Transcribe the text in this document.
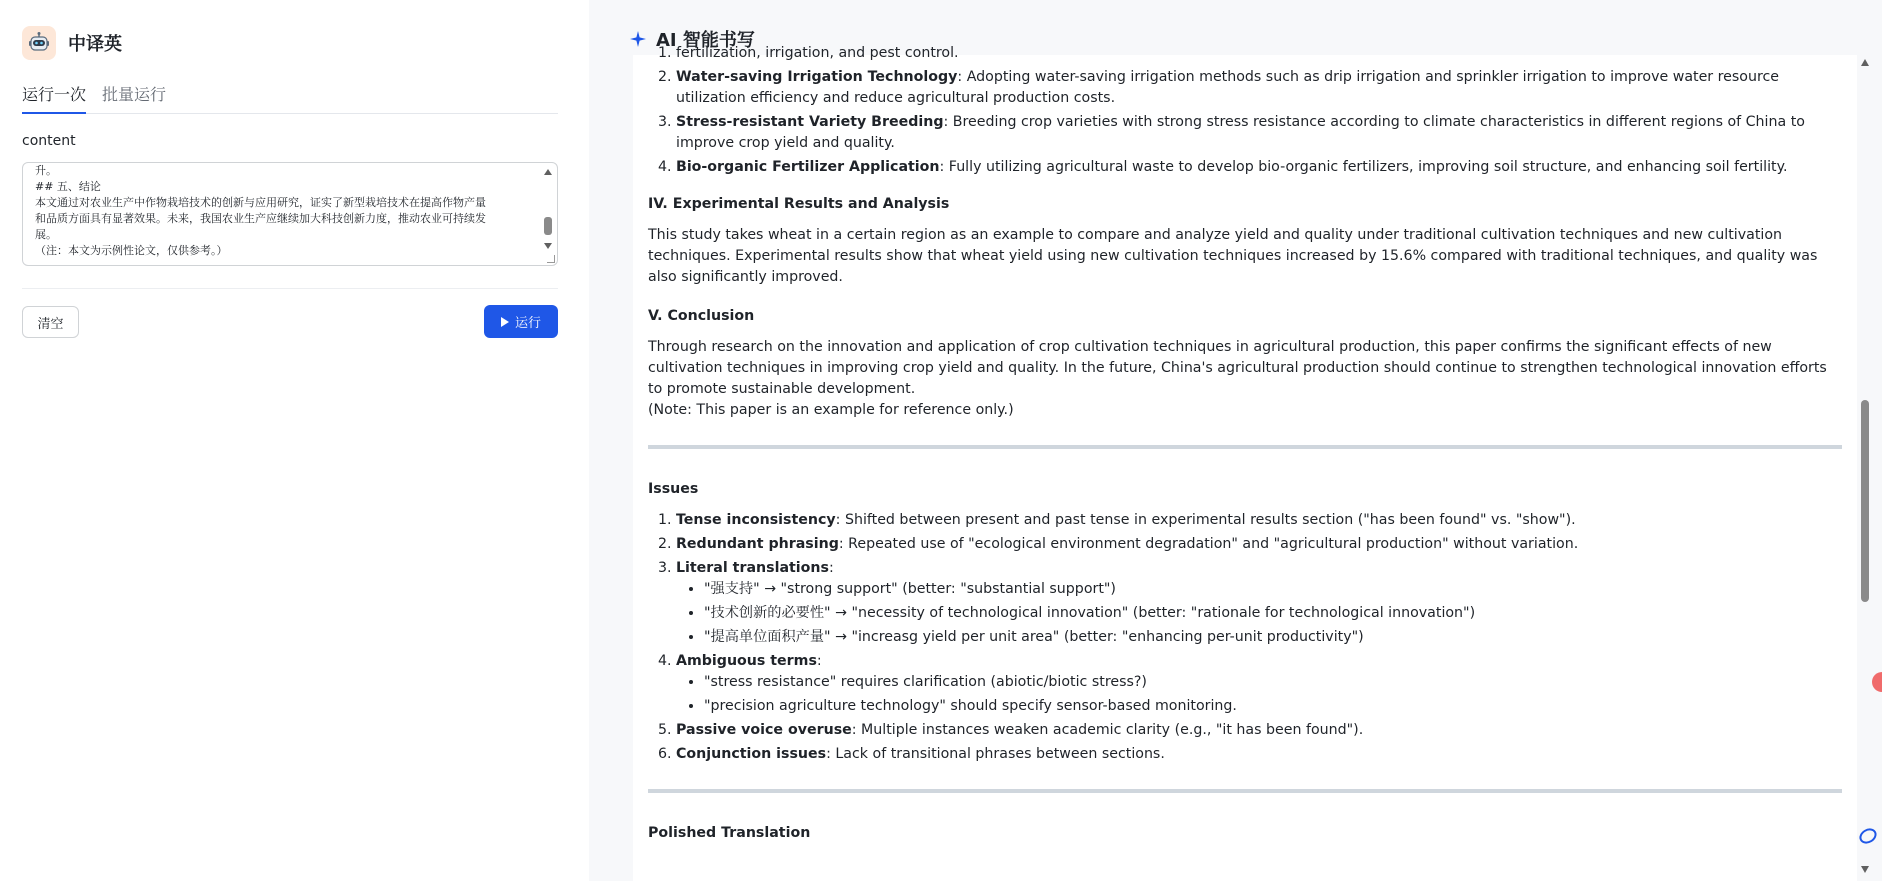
中译英
运行一次 批量运行
content
升。
## 五、结论
本文通过对农业生产中作物栽培技术的创新与应用研究，证实了新型栽培技术在提高作物产量
和品质方面具有显著效果。未来，我国农业生产应继续加大科技创新力度，推动农业可持续发
展。
（注：本文为示例性论文，仅供参考。）
清空	运行
AI 智能书写
1. fertilization, irrigation, and pest control.
2. Water-saving Irrigation Technology: Adopting water-saving irrigation methods such as drip irrigation and sprinkler irrigation to improve water resource utilization efficiency and reduce agricultural production costs.
3. Stress-resistant Variety Breeding: Breeding crop varieties with strong stress resistance according to climate characteristics in different regions of China to improve crop yield and quality.
4. Bio-organic Fertilizer Application: Fully utilizing agricultural waste to develop bio-organic fertilizers, improving soil structure, and enhancing soil fertility.
IV. Experimental Results and Analysis
This study takes wheat in a certain region as an example to compare and analyze yield and quality under traditional cultivation techniques and new cultivation techniques. Experimental results show that wheat yield using new cultivation techniques increased by 15.6% compared with traditional techniques, and quality was also significantly improved.
V. Conclusion
Through research on the innovation and application of crop cultivation techniques in agricultural production, this paper confirms the significant effects of new cultivation techniques in improving crop yield and quality. In the future, China's agricultural production should continue to strengthen technological innovation efforts to promote sustainable development.
(Note: This paper is an example for reference only.)
Issues
1. Tense inconsistency: Shifted between present and past tense in experimental results section ("has been found" vs. "show").
2. Redundant phrasing: Repeated use of "ecological environment degradation" and "agricultural production" without variation.
3. Literal translations:
• "强支持" → "strong support" (better: "substantial support")
• "技术创新的必要性" → "necessity of technological innovation" (better: "rationale for technological innovation")
• "提高单位面积产量" → "increasg yield per unit area" (better: "enhancing per-unit productivity")
4. Ambiguous terms:
• "stress resistance" requires clarification (abiotic/biotic stress?)
• "precision agriculture technology" should specify sensor-based monitoring.
5. Passive voice overuse: Multiple instances weaken academic clarity (e.g., "it has been found").
6. Conjunction issues: Lack of transitional phrases between sections.
Polished Translation
